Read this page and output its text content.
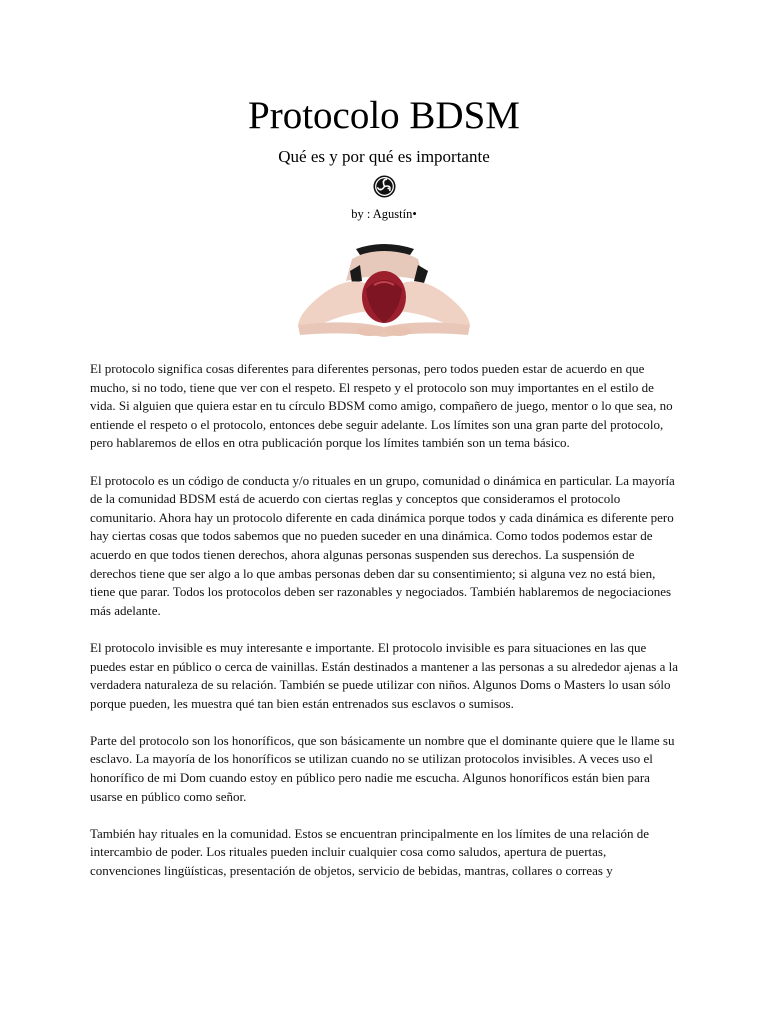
Protocolo BDSM
Qué es y por qué es importante
by : Agustín•

El protocolo significa cosas diferentes para diferentes personas, pero todos pueden estar de acuerdo en que mucho, si no todo, tiene que ver con el respeto. El respeto y el protocolo son muy importantes en el estilo de vida. Si alguien que quiera estar en tu círculo BDSM como amigo, compañero de juego, mentor o lo que sea, no entiende el respeto o el protocolo, entonces debe seguir adelante. Los límites son una gran parte del protocolo, pero hablaremos de ellos en otra publicación porque los límites también son un tema básico.

El protocolo es un código de conducta y/o rituales en un grupo, comunidad o dinámica en particular. La mayoría de la comunidad BDSM está de acuerdo con ciertas reglas y conceptos que consideramos el protocolo comunitario. Ahora hay un protocolo diferente en cada dinámica porque todos y cada dinámica es diferente pero hay ciertas cosas que todos sabemos que no pueden suceder en una dinámica. Como todos podemos estar de acuerdo en que todos tienen derechos, ahora algunas personas suspenden sus derechos. La suspensión de derechos tiene que ser algo a lo que ambas personas deben dar su consentimiento; si alguna vez no está bien, tiene que parar. Todos los protocolos deben ser razonables y negociados. También hablaremos de negociaciones más adelante.

El protocolo invisible es muy interesante e importante. El protocolo invisible es para situaciones en las que puedes estar en público o cerca de vainillas. Están destinados a mantener a las personas a su alrededor ajenas a la verdadera naturaleza de su relación. También se puede utilizar con niños. Algunos Doms o Masters lo usan sólo porque pueden, les muestra qué tan bien están entrenados sus esclavos o sumisos.

Parte del protocolo son los honoríficos, que son básicamente un nombre que el dominante quiere que le llame su esclavo. La mayoría de los honoríficos se utilizan cuando no se utilizan protocolos invisibles. A veces uso el honorífico de mi Dom cuando estoy en público pero nadie me escucha. Algunos honoríficos están bien para usarse en público como señor.

También hay rituales en la comunidad. Estos se encuentran principalmente en los límites de una relación de intercambio de poder. Los rituales pueden incluir cualquier cosa como saludos, apertura de puertas, convenciones lingüísticas, presentación de objetos, servicio de bebidas, mantras, collares o correas y
